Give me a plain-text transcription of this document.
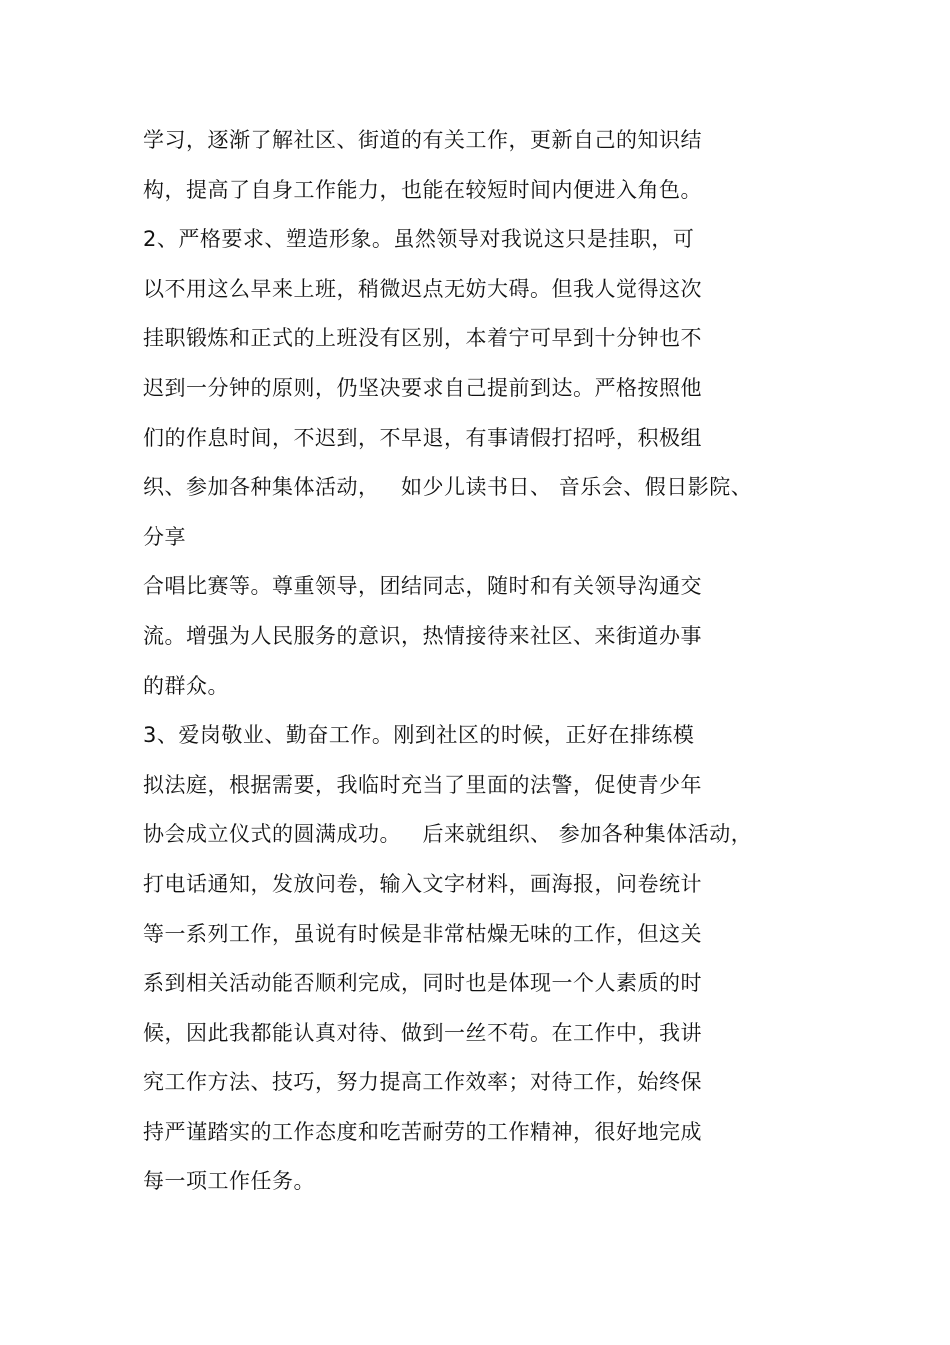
学习，逐渐了解社区、街道的有关工作，更新自己的知识结
构，提高了自身工作能力，也能在较短时间内便进入角色。
2、严格要求、塑造形象。虽然领导对我说这只是挂职，可
以不用这么早来上班，稍微迟点无妨大碍。但我人觉得这次
挂职锻炼和正式的上班没有区别，本着宁可早到十分钟也不
迟到一分钟的原则，仍坚决要求自己提前到达。严格按照他
们的作息时间，不迟到，不早退，有事请假打招呼，积极组
织、参加各种集体活动，   如少儿读书日、 音乐会、假日影院、
分享
合唱比赛等。尊重领导，团结同志，随时和有关领导沟通交
流。增强为人民服务的意识，热情接待来社区、来街道办事
的群众。
3、爱岗敬业、勤奋工作。刚到社区的时候，正好在排练模
拟法庭，根据需要，我临时充当了里面的法警，促使青少年
协会成立仪式的圆满成功。   后来就组织、 参加各种集体活动，
打电话通知，发放问卷，输入文字材料，画海报，问卷统计
等一系列工作，虽说有时候是非常枯燥无味的工作，但这关
系到相关活动能否顺利完成，同时也是体现一个人素质的时
候，因此我都能认真对待、做到一丝不苟。在工作中，我讲
究工作方法、技巧，努力提高工作效率；对待工作，始终保
持严谨踏实的工作态度和吃苦耐劳的工作精神，很好地完成
每一项工作任务。
